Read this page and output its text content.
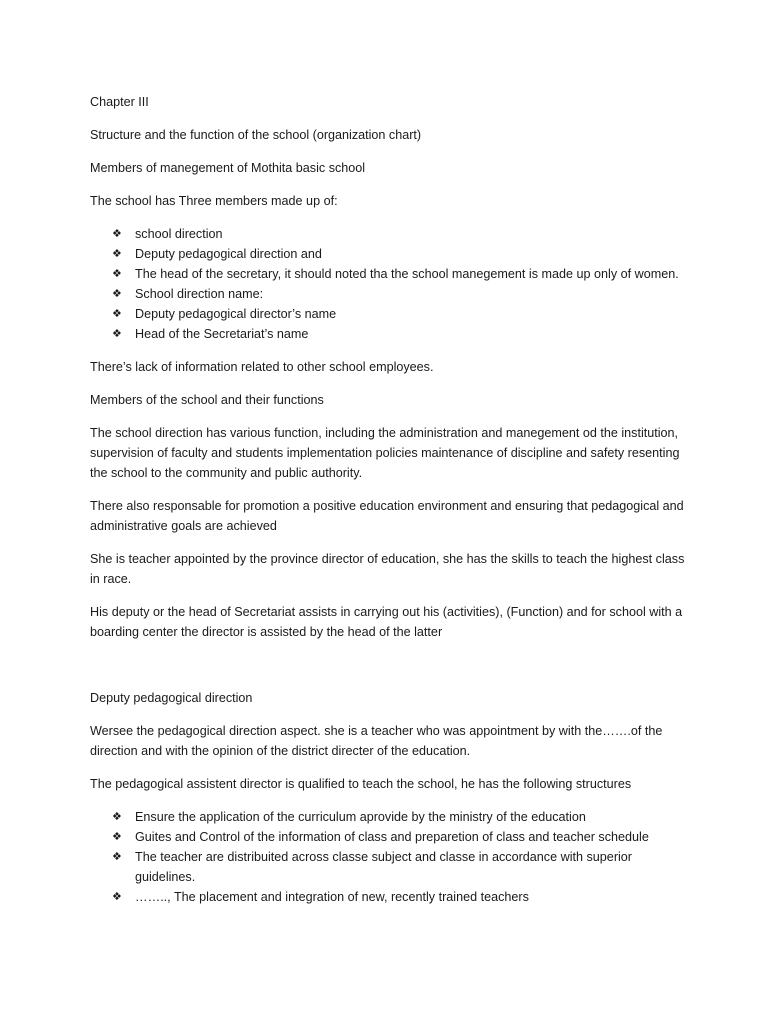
Chapter III

Structure and the function of the school (organization chart)

Members of manegement of Mothita basic school

The school has Three members made up of:

❖ school direction
❖ Deputy pedagogical direction and
❖ The head of the secretary, it should noted tha the school manegement is made up only of women.
❖ School direction name:
❖ Deputy pedagogical director’s name
❖ Head of the Secretariat’s name

There’s lack of information related to other school employees.

Members of the school and their functions

The school direction has various function, including the administration and manegement od the institution, supervision of faculty and students implementation policies maintenance of discipline and safety resenting the school to the community and public authority.

There also responsable for promotion a positive education environment and ensuring that pedagogical and administrative goals are achieved

She is teacher appointed by the province director of education, she has the skills to teach the highest class in race.

His deputy or the head of Secretariat assists in carrying out his (activities), (Function) and for school with a boarding center the director is assisted by the head of the latter

Deputy pedagogical direction

Wersee the pedagogical direction aspect. she is a teacher who was appointment by with the…….of the direction and with the opinion of the district directer of the education.

The pedagogical assistent director is qualified to teach the school, he has the following structures

❖ Ensure the application of the curriculum aprovide by the ministry of the education
❖ Guites and Control of the information of class and preparetion of class and teacher schedule
❖ The teacher are distribuited across classe subject and classe in accordance with superior guidelines.
❖ …….., The placement and integration of new, recently trained teachers
